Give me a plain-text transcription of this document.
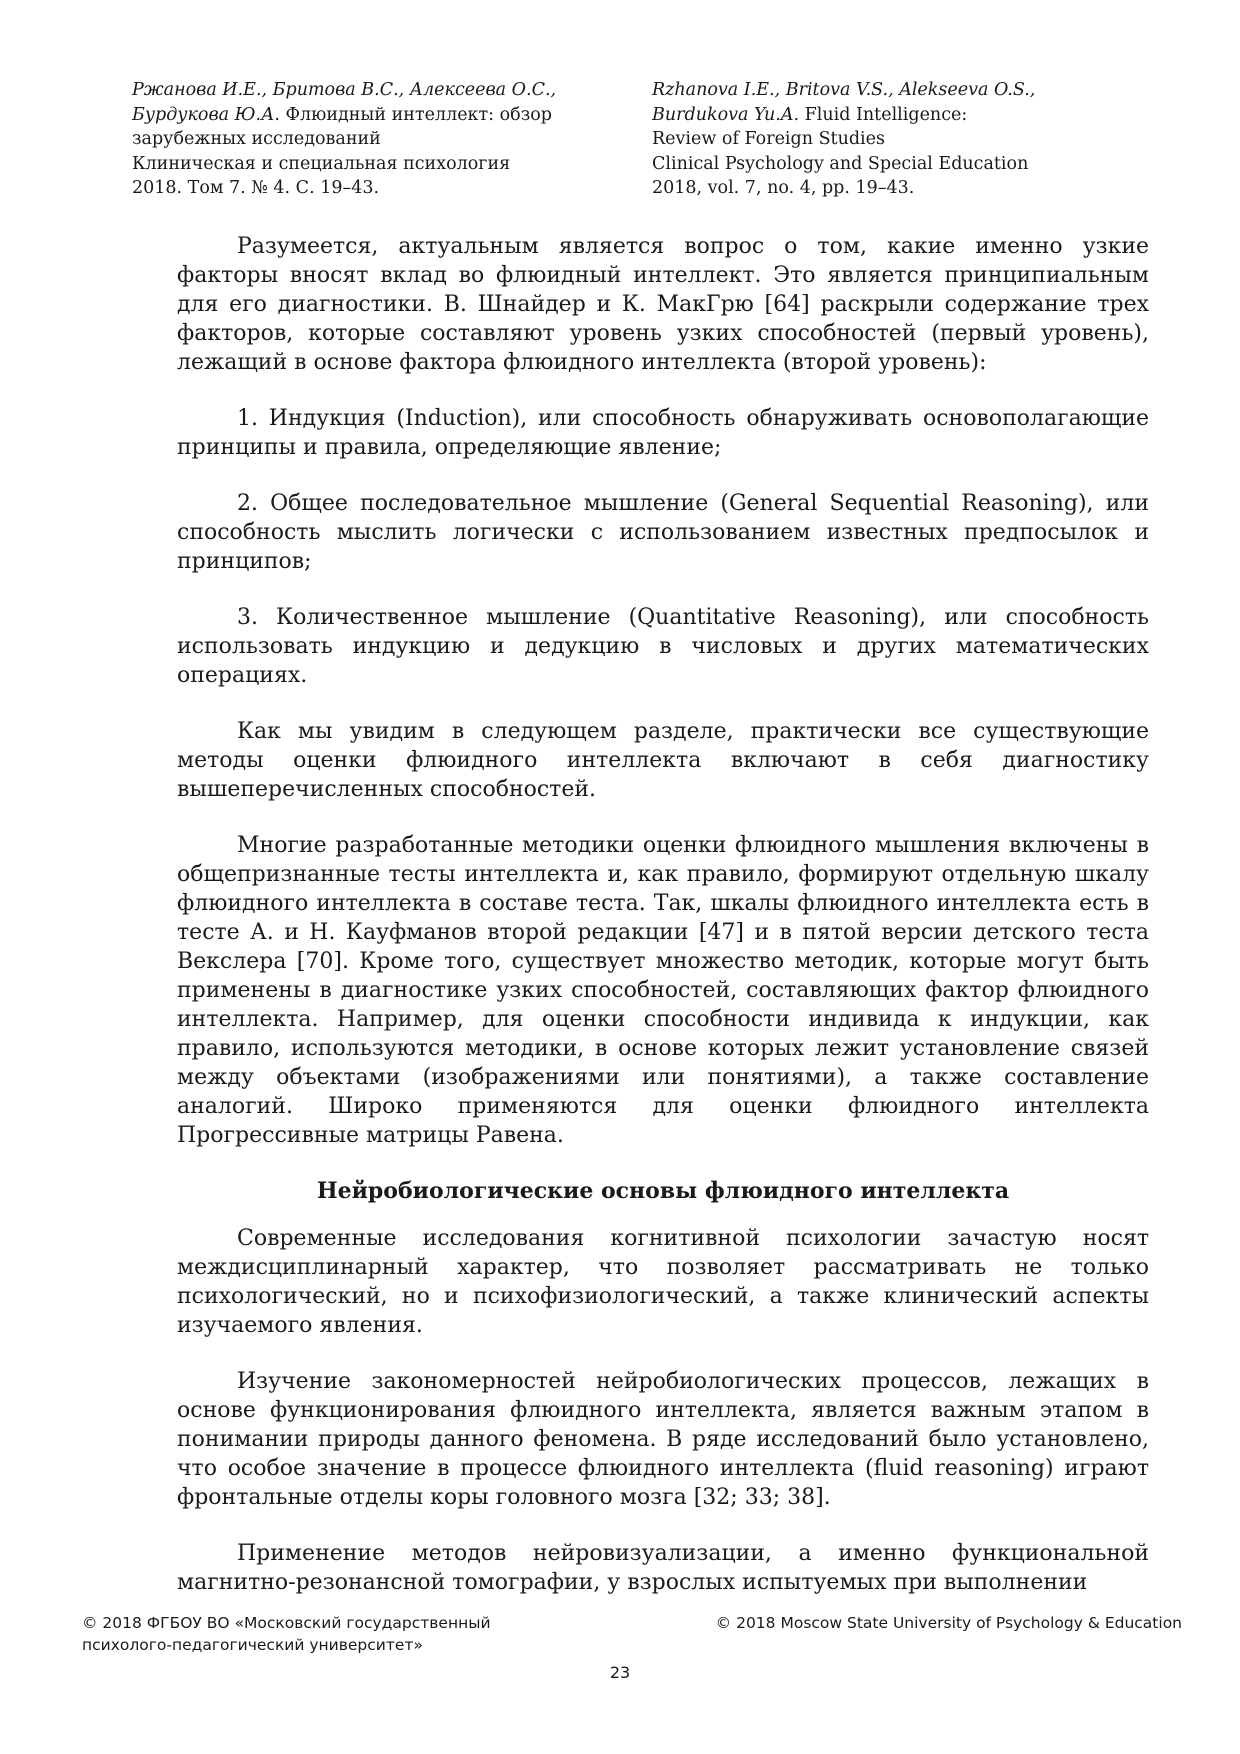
Ржанова И.Е., Бритова В.С., Алексеева О.С.,
Бурдукова Ю.А. Флюидный интеллект: обзор
зарубежных исследований
Клиническая и специальная психология
2018. Том 7. № 4. С. 19–43.
Rzhanova I.E., Britova V.S., Alekseeva O.S.,
Burdukova Yu.A. Fluid Intelligence:
Review of Foreign Studies
Clinical Psychology and Special Education
2018, vol. 7, no. 4, pp. 19–43.

Разумеется, актуальным является вопрос о том, какие именно узкие факторы вносят вклад во флюидный интеллект. Это является принципиальным для его диагностики. В. Шнайдер и К. МакГрю [64] раскрыли содержание трех факторов, которые составляют уровень узких способностей (первый уровень), лежащий в основе фактора флюидного интеллекта (второй уровень):

1. Индукция (Induction), или способность обнаруживать основополагающие принципы и правила, определяющие явление;

2. Общее последовательное мышление (General Sequential Reasoning), или способность мыслить логически с использованием известных предпосылок и принципов;

3. Количественное мышление (Quantitative Reasoning), или способность использовать индукцию и дедукцию в числовых и других математических операциях.

Как мы увидим в следующем разделе, практически все существующие методы оценки флюидного интеллекта включают в себя диагностику вышеперечисленных способностей.

Многие разработанные методики оценки флюидного мышления включены в общепризнанные тесты интеллекта и, как правило, формируют отдельную шкалу флюидного интеллекта в составе теста. Так, шкалы флюидного интеллекта есть в тесте А. и Н. Кауфманов второй редакции [47] и в пятой версии детского теста Векслера [70]. Кроме того, существует множество методик, которые могут быть применены в диагностике узких способностей, составляющих фактор флюидного интеллекта. Например, для оценки способности индивида к индукции, как правило, используются методики, в основе которых лежит установление связей между объектами (изображениями или понятиями), а также составление аналогий. Широко применяются для оценки флюидного интеллекта Прогрессивные матрицы Равена.

Нейробиологические основы флюидного интеллекта

Современные исследования когнитивной психологии зачастую носят междисциплинарный характер, что позволяет рассматривать не только психологический, но и психофизиологический, а также клинический аспекты изучаемого явления.

Изучение закономерностей нейробиологических процессов, лежащих в основе функционирования флюидного интеллекта, является важным этапом в понимании природы данного феномена. В ряде исследований было установлено, что особое значение в процессе флюидного интеллекта (fluid reasoning) играют фронтальные отделы коры головного мозга [32; 33; 38].

Применение методов нейровизуализации, а именно функциональной магнитно-резонансной томографии, у взрослых испытуемых при выполнении

© 2018 ФГБОУ ВО «Московский государственный
психолого-педагогический университет»
© 2018 Moscow State University of Psychology & Education
23
